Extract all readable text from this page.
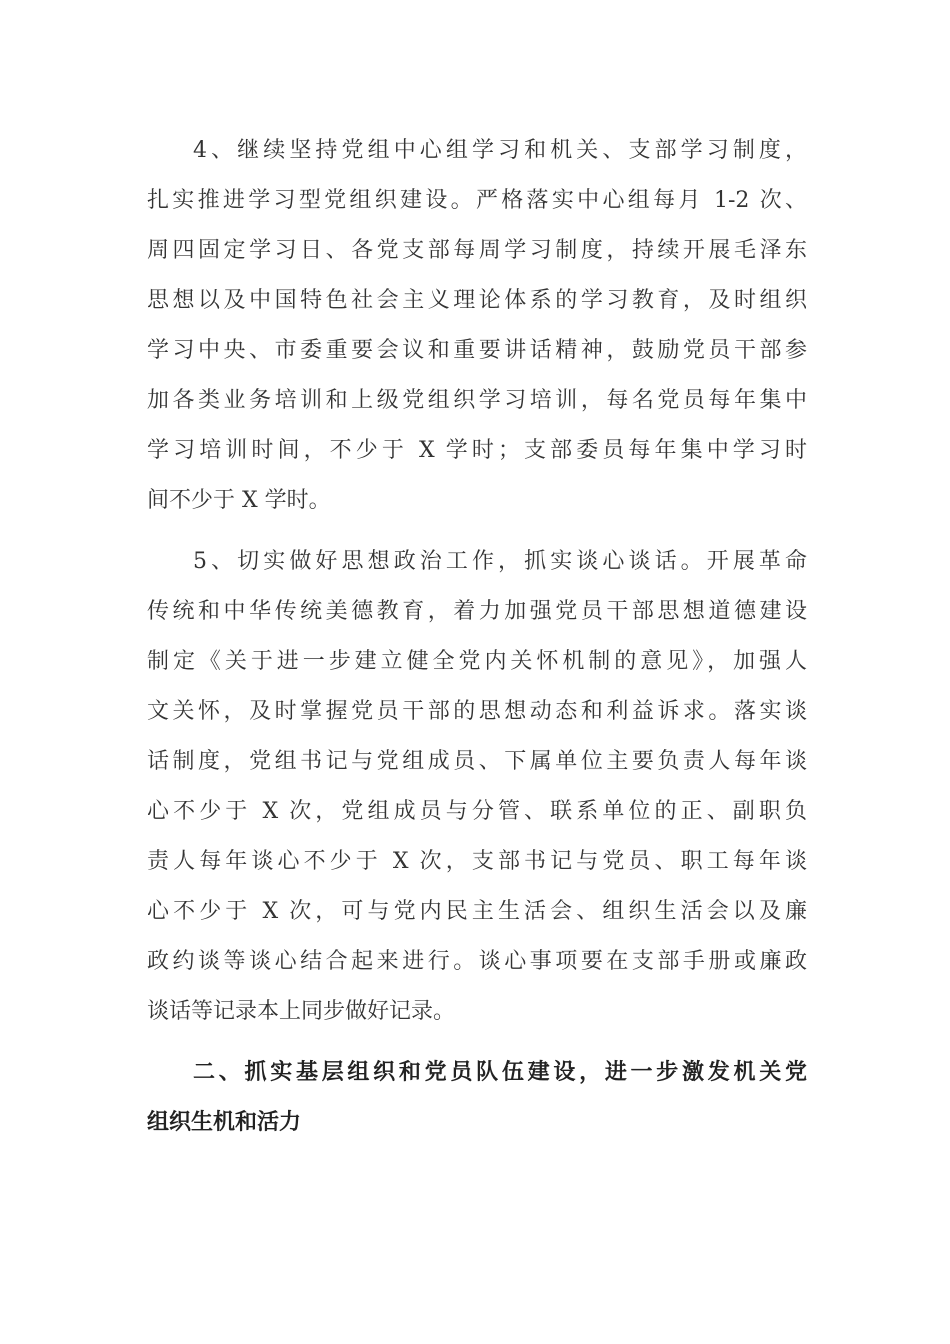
4、继续坚持党组中心组学习和机关、支部学习制度，
扎实推进学习型党组织建设。严格落实中心组每月 1-2 次、
周四固定学习日、各党支部每周学习制度，持续开展毛泽东
思想以及中国特色社会主义理论体系的学习教育，及时组织
学习中央、市委重要会议和重要讲话精神，鼓励党员干部参
加各类业务培训和上级党组织学习培训，每名党员每年集中
学习培训时间，不少于 X 学时；支部委员每年集中学习时
间不少于 X 学时。
5、切实做好思想政治工作，抓实谈心谈话。开展革命
传统和中华传统美德教育，着力加强党员干部思想道德建设
制定《关于进一步建立健全党内关怀机制的意见》，加强人
文关怀，及时掌握党员干部的思想动态和利益诉求。落实谈
话制度，党组书记与党组成员、下属单位主要负责人每年谈
心不少于 X 次，党组成员与分管、联系单位的正、副职负
责人每年谈心不少于 X 次，支部书记与党员、职工每年谈
心不少于 X 次，可与党内民主生活会、组织生活会以及廉
政约谈等谈心结合起来进行。谈心事项要在支部手册或廉政
谈话等记录本上同步做好记录。
二、抓实基层组织和党员队伍建设，进一步激发机关党
组织生机和活力
